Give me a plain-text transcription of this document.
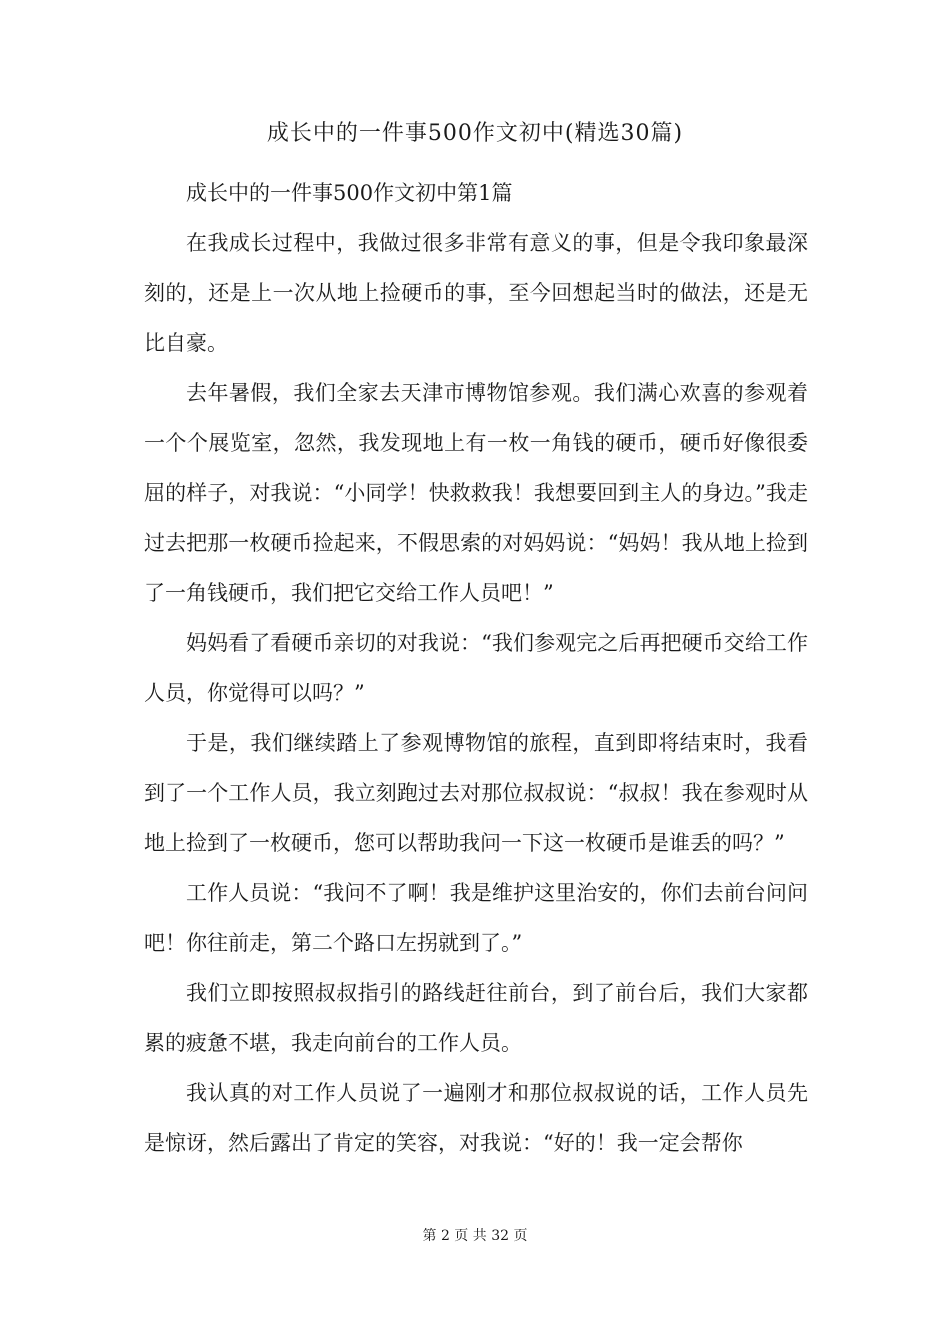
成长中的一件事500作文初中(精选30篇)

成长中的一件事500作文初中第1篇

在我成长过程中，我做过很多非常有意义的事，但是令我印象最深刻的，还是上一次从地上捡硬币的事，至今回想起当时的做法，还是无比自豪。

去年暑假，我们全家去天津市博物馆参观。我们满心欢喜的参观着一个个展览室，忽然，我发现地上有一枚一角钱的硬币，硬币好像很委屈的样子，对我说：“小同学！快救救我！我想要回到主人的身边。”我走过去把那一枚硬币捡起来，不假思索的对妈妈说：“妈妈！我从地上捡到了一角钱硬币，我们把它交给工作人员吧！”

妈妈看了看硬币亲切的对我说：“我们参观完之后再把硬币交给工作人员，你觉得可以吗？”

于是，我们继续踏上了参观博物馆的旅程，直到即将结束时，我看到了一个工作人员，我立刻跑过去对那位叔叔说：“叔叔！我在参观时从地上捡到了一枚硬币，您可以帮助我问一下这一枚硬币是谁丢的吗？”

工作人员说：“我问不了啊！我是维护这里治安的，你们去前台问问吧！你往前走，第二个路口左拐就到了。”

我们立即按照叔叔指引的路线赶往前台，到了前台后，我们大家都累的疲惫不堪，我走向前台的工作人员。

我认真的对工作人员说了一遍刚才和那位叔叔说的话，工作人员先是惊讶，然后露出了肯定的笑容，对我说：“好的！我一定会帮你

第 2 页 共 32 页
